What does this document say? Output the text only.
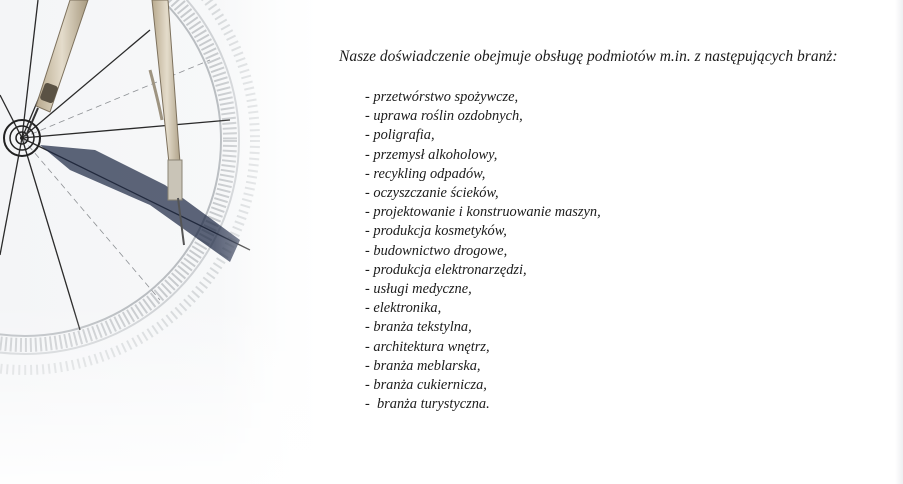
Nasze doświadczenie obejmuje obsługę podmiotów m.in. z następujących branż:

- przetwórstwo spożywcze,
- uprawa roślin ozdobnych,
- poligrafia,
- przemysł alkoholowy,
- recykling odpadów,
- oczyszczanie ścieków,
- projektowanie i konstruowanie maszyn,
- produkcja kosmetyków,
- budownictwo drogowe,
- produkcja elektronarzędzi,
- usługi medyczne,
- elektronika,
- branża tekstylna,
- architektura wnętrz,
- branża meblarska,
- branża cukiernicza,
-  branża turystyczna.
